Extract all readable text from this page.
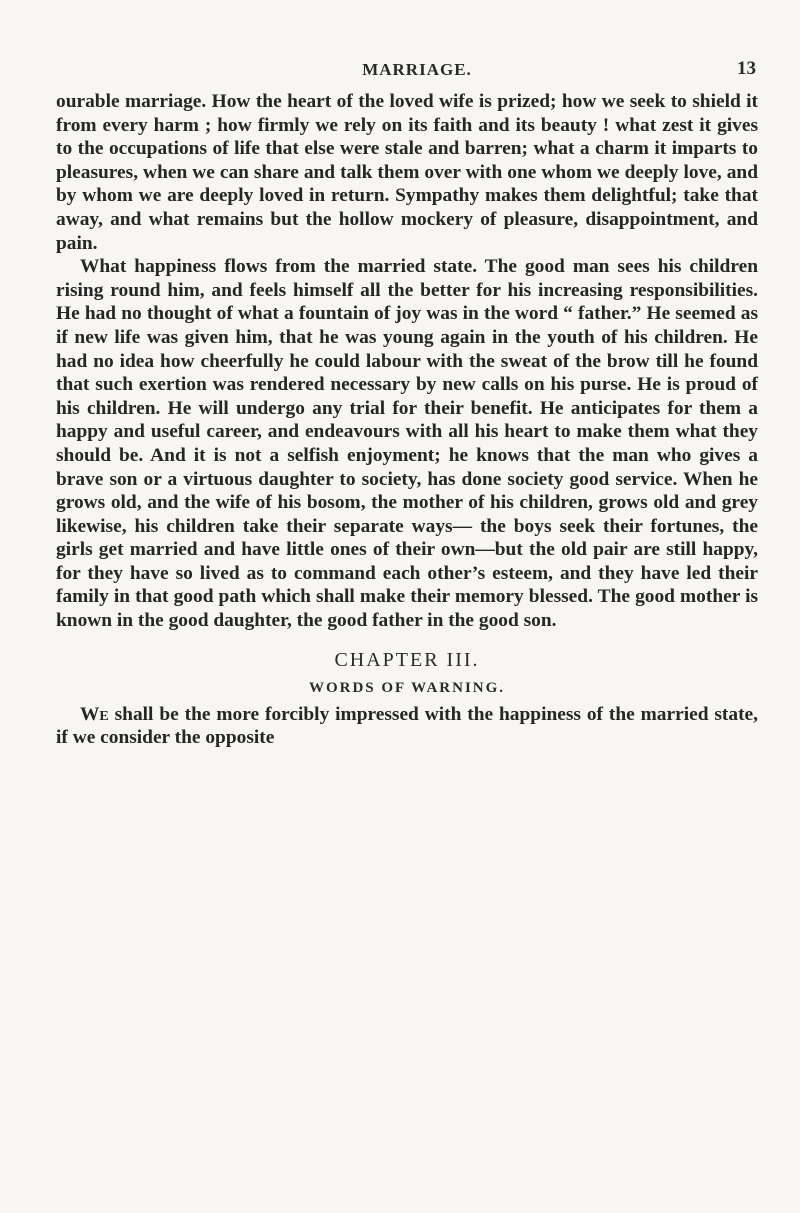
MARRIAGE.	13

ourable marriage. How the heart of the loved wife is prized; how we seek to shield it from every harm ; how firmly we rely on its faith and its beauty ! what zest it gives to the occupations of life that else were stale and barren; what a charm it imparts to pleasures, when we can share and talk them over with one whom we deeply love, and by whom we are deeply loved in return. Sympathy makes them delightful; take that away, and what remains but the hollow mockery of pleasure, disappointment, and pain.

What happiness flows from the married state. The good man sees his children rising round him, and feels himself all the better for his increasing responsibilities. He had no thought of what a fountain of joy was in the word “ father.” He seemed as if new life was given him, that he was young again in the youth of his children. He had no idea how cheerfully he could labour with the sweat of the brow till he found that such exertion was rendered necessary by new calls on his purse. He is proud of his children. He will undergo any trial for their benefit. He anticipates for them a happy and useful career, and endeavours with all his heart to make them what they should be. And it is not a selfish enjoyment; he knows that the man who gives a brave son or a virtuous daughter to society, has done society good service. When he grows old, and the wife of his bosom, the mother of his children, grows old and grey likewise, his children take their separate ways— the boys seek their fortunes, the girls get married and have little ones of their own—but the old pair are still happy, for they have so lived as to command each other’s esteem, and they have led their family in that good path which shall make their memory blessed. The good mother is known in the good daughter, the good father in the good son.

CHAPTER III.
WORDS OF WARNING.

We shall be the more forcibly impressed with the happiness of the married state, if we consider the opposite
